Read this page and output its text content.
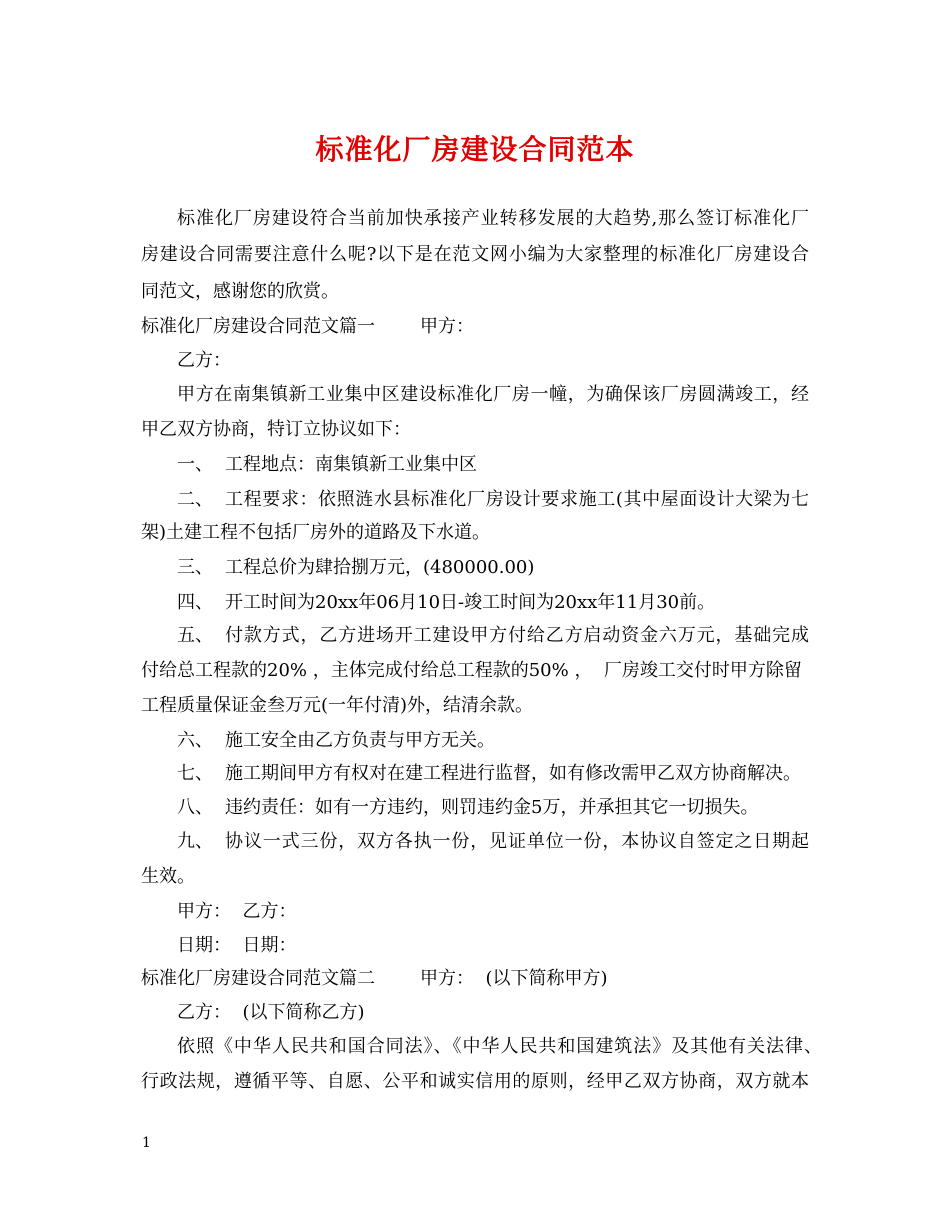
标准化厂房建设合同范本
标准化厂房建设符合当前加快承接产业转移发展的大趋势,那么签订标准化厂
房建设合同需要注意什么呢?以下是在范文网小编为大家整理的标准化厂房建设合
同范文，感谢您的欣赏。
标准化厂房建设合同范文篇一	甲方：
乙方：
甲方在南集镇新工业集中区建设标准化厂房一幢，为确保该厂房圆满竣工，经
甲乙双方协商，特订立协议如下：
一、 工程地点：南集镇新工业集中区
二、 工程要求：依照涟水县标准化厂房设计要求施工(其中屋面设计大梁为七
架)土建工程不包括厂房外的道路及下水道。
三、 工程总价为肆拾捌万元，(480000.00)
四、 开工时间为20xx年06月10日-竣工时间为20xx年11月30前。
五、 付款方式，乙方进场开工建设甲方付给乙方启动资金六万元，基础完成
付给总工程款的20% ，主体完成付给总工程款的50% ，  厂房竣工交付时甲方除留
工程质量保证金叁万元(一年付清)外，结清余款。
六、 施工安全由乙方负责与甲方无关。
七、 施工期间甲方有权对在建工程进行监督，如有修改需甲乙双方协商解决。
八、 违约责任：如有一方违约，则罚违约金5万，并承担其它一切损失。
九、 协议一式三份，双方各执一份，见证单位一份，本协议自签定之日期起
生效。
甲方：  乙方：
日期：  日期：
标准化厂房建设合同范文篇二	甲方：  (以下简称甲方)
乙方：  (以下简称乙方)
依照《中华人民共和国合同法》、《中华人民共和国建筑法》及其他有关法律、
行政法规，遵循平等、自愿、公平和诚实信用的原则，经甲乙双方协商，双方就本
1
